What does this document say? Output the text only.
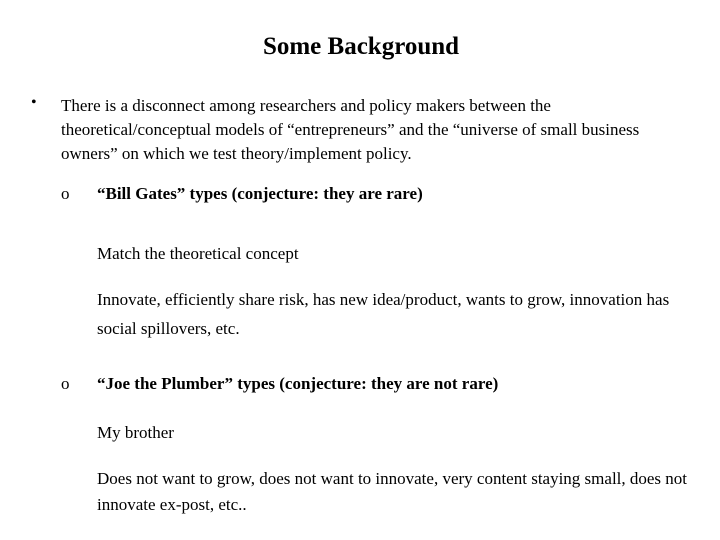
Some Background
• There is a disconnect among researchers and policy makers between the theoretical/conceptual models of “entrepreneurs” and the “universe of small business owners” on which we test theory/implement policy.
o “Bill Gates” types (conjecture: they are rare)
Match the theoretical concept
Innovate, efficiently share risk, has new idea/product, wants to grow, innovation has social spillovers, etc.
o “Joe the Plumber” types (conjecture: they are not rare)
My brother
Does not want to grow, does not want to innovate, very content staying small, does not innovate ex-post, etc..
